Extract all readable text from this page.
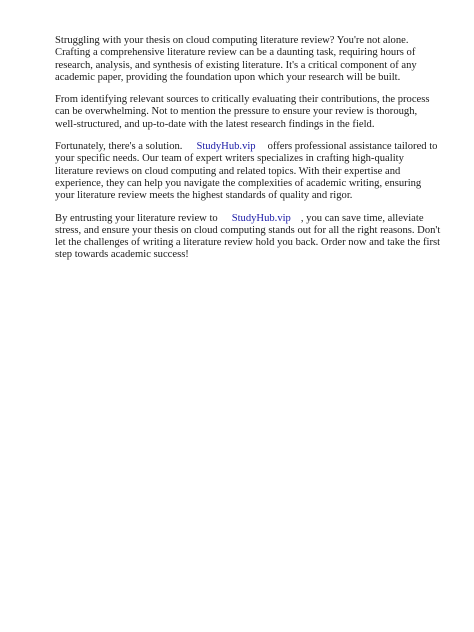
Struggling with your thesis on cloud computing literature review? You're not alone. Crafting a comprehensive literature review can be a daunting task, requiring hours of research, analysis, and synthesis of existing literature. It's a critical component of any academic paper, providing the foundation upon which your research will be built.

From identifying relevant sources to critically evaluating their contributions, the process can be overwhelming. Not to mention the pressure to ensure your review is thorough, well-structured, and up-to-date with the latest research findings in the field.

Fortunately, there's a solution. StudyHub.vip offers professional assistance tailored to your specific needs. Our team of expert writers specializes in crafting high-quality literature reviews on cloud computing and related topics. With their expertise and experience, they can help you navigate the complexities of academic writing, ensuring your literature review meets the highest standards of quality and rigor.

By entrusting your literature review to StudyHub.vip , you can save time, alleviate stress, and ensure your thesis on cloud computing stands out for all the right reasons. Don't let the challenges of writing a literature review hold you back. Order now and take the first step towards academic success!
